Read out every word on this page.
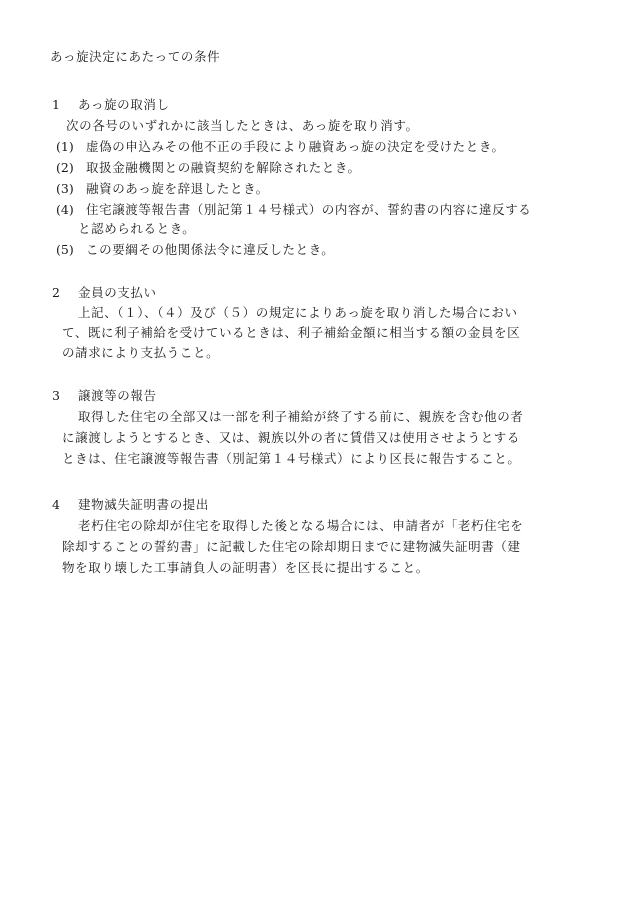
あっ旋決定にあたっての条件
1 あっ旋の取消し
次の各号のいずれかに該当したときは、あっ旋を取り消す。
(1) 虚偽の申込みその他不正の手段により融資あっ旋の決定を受けたとき。
(2) 取扱金融機関との融資契約を解除されたとき。
(3) 融資のあっ旋を辞退したとき。
(4) 住宅譲渡等報告書（別記第１４号様式）の内容が、誓約書の内容に違反する
と認められるとき。
(5) この要綱その他関係法令に違反したとき。
2 金員の支払い
上記、（１）、（４）及び（５）の規定によりあっ旋を取り消した場合におい
て、既に利子補給を受けているときは、利子補給金額に相当する額の金員を区
の請求により支払うこと。
3 譲渡等の報告
取得した住宅の全部又は一部を利子補給が終了する前に、親族を含む他の者
に譲渡しようとするとき、又は、親族以外の者に賃借又は使用させようとする
ときは、住宅譲渡等報告書（別記第１４号様式）により区長に報告すること。
4 建物滅失証明書の提出
老朽住宅の除却が住宅を取得した後となる場合には、申請者が「老朽住宅を
除却することの誓約書」に記載した住宅の除却期日までに建物滅失証明書（建
物を取り壊した工事請負人の証明書）を区長に提出すること。
